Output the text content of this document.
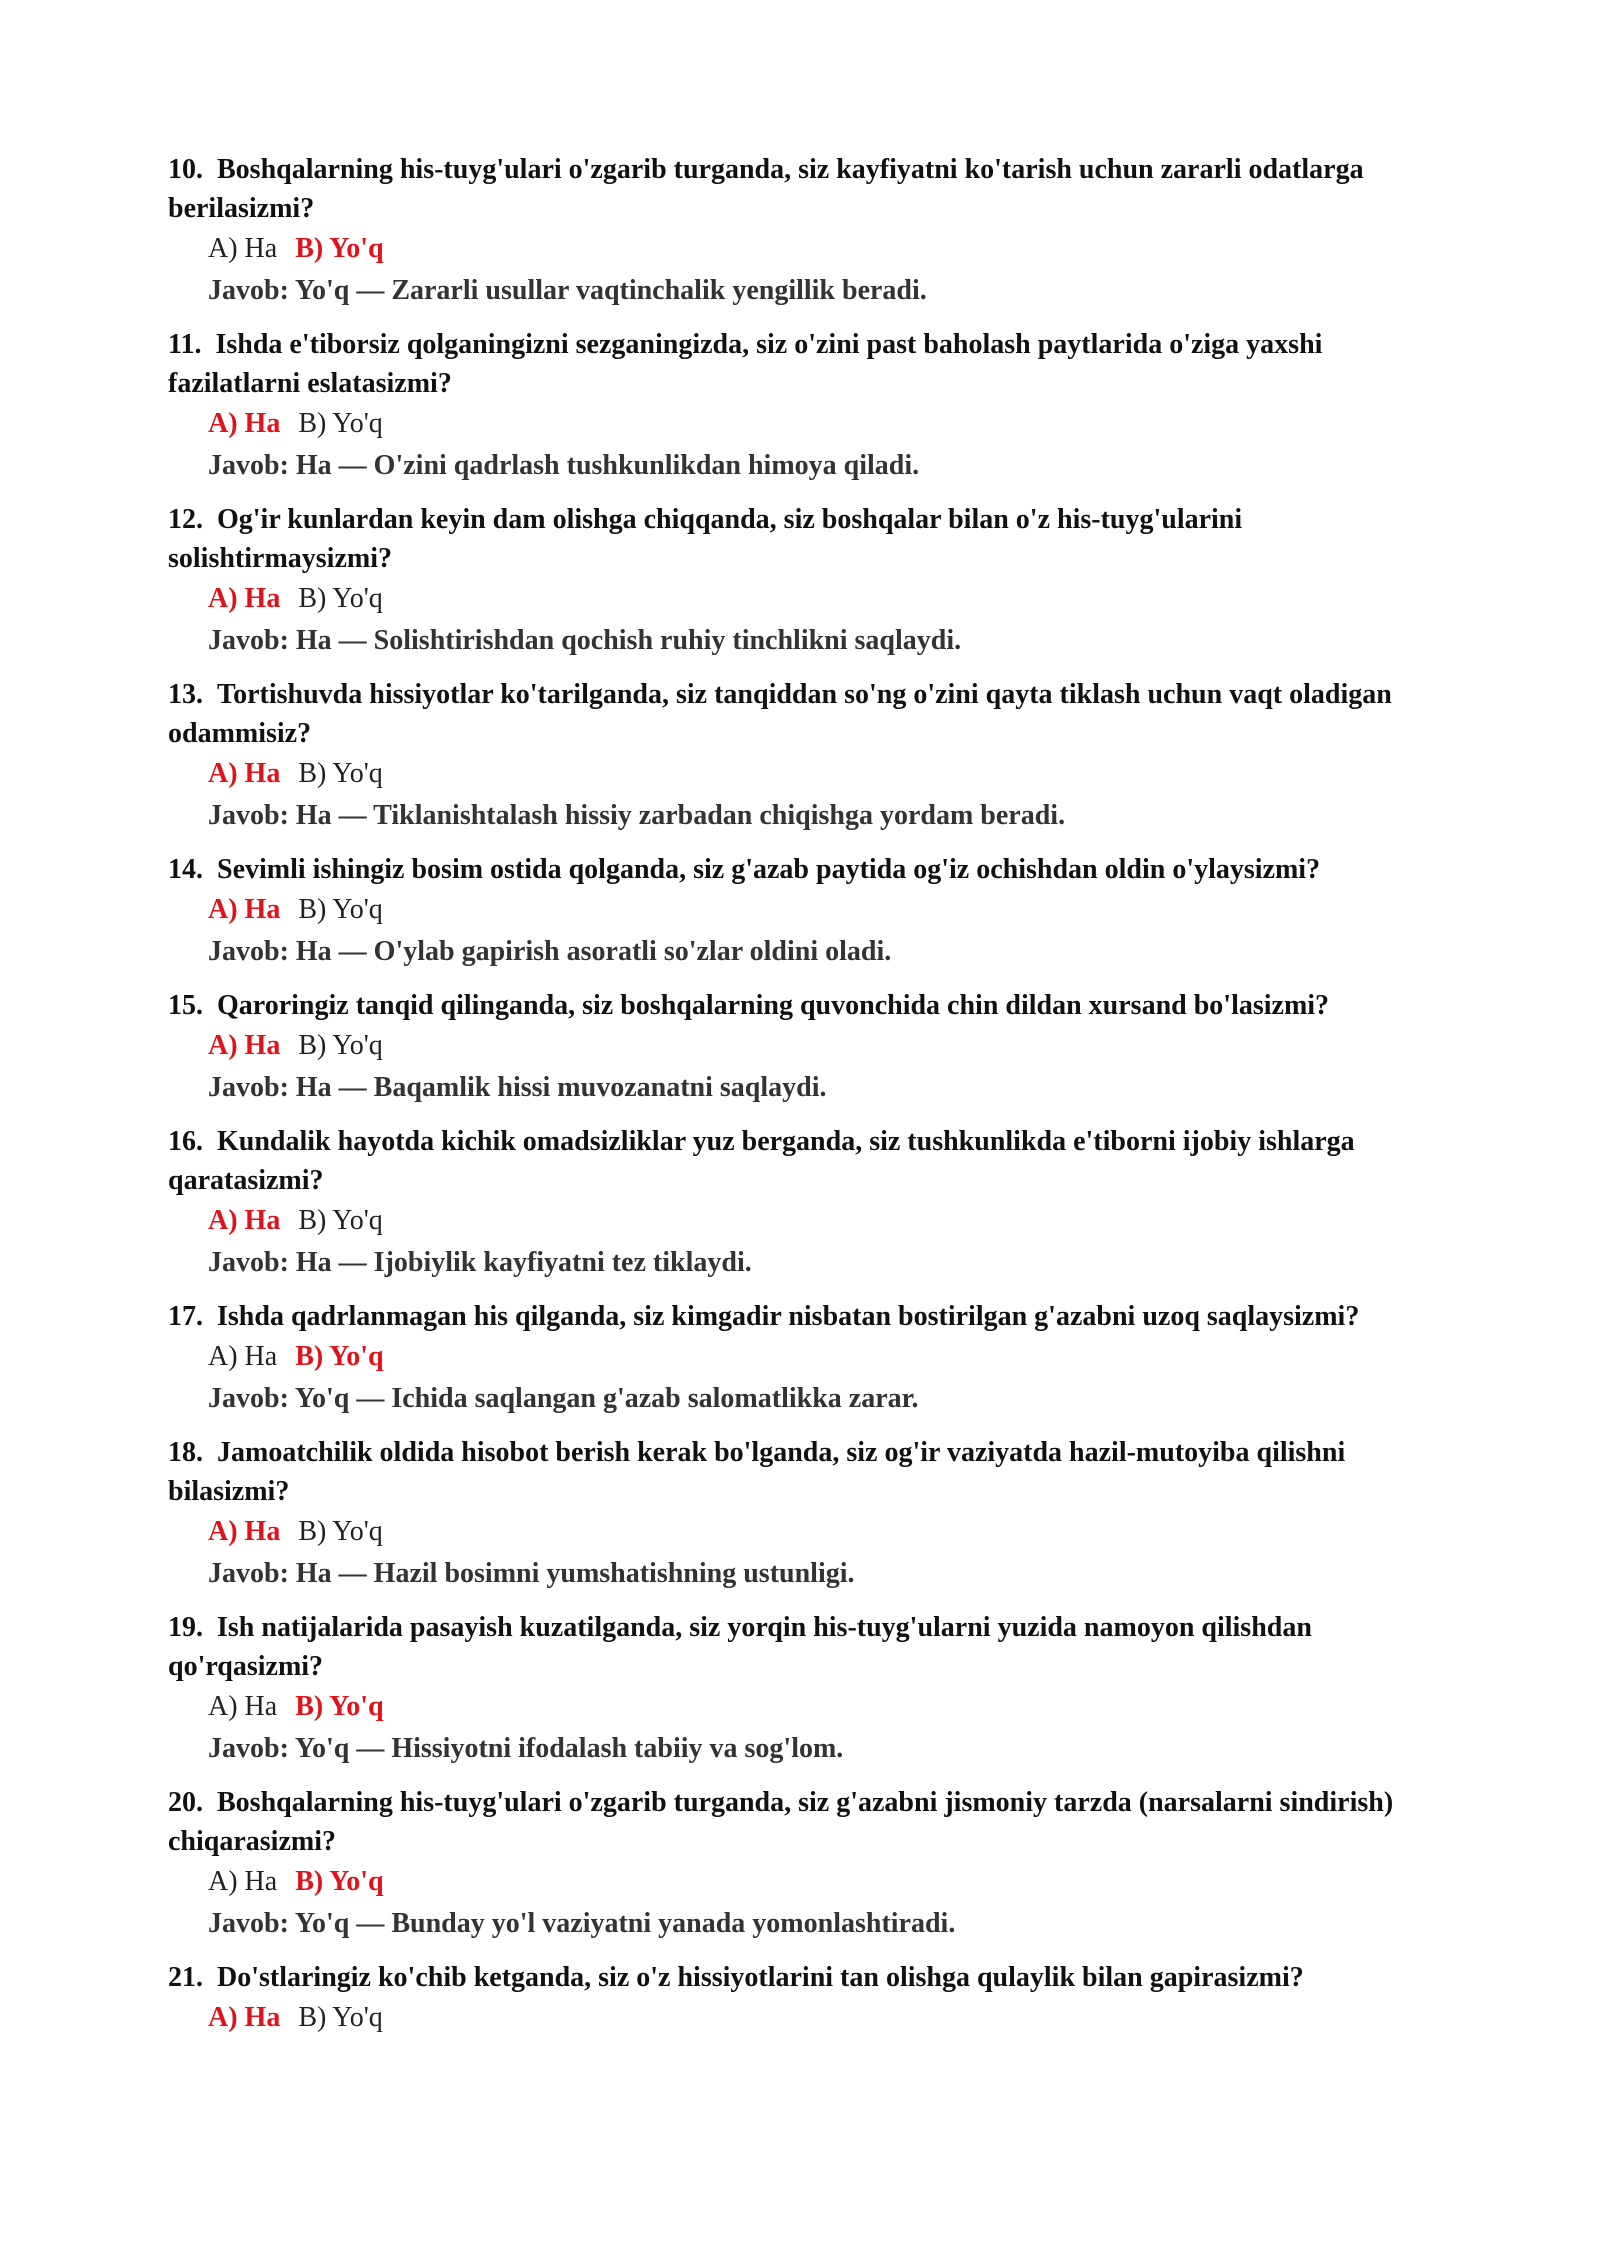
10. Boshqalarning his-tuyg'ulari o'zgarib turganda, siz kayfiyatni ko'tarish uchun zararli odatlarga berilasizmi?
A) Ha B) Yo'q
Javob: Yo'q — Zararli usullar vaqtinchalik yengillik beradi.
11. Ishda e'tiborsiz qolganingizni sezganingizda, siz o'zini past baholash paytlarida o'ziga yaxshi fazilatlarni eslatasizmi?
A) Ha B) Yo'q
Javob: Ha — O'zini qadrlash tushkunlikdan himoya qiladi.
12. Og'ir kunlardan keyin dam olishga chiqqanda, siz boshqalar bilan o'z his-tuyg'ularini solishtirmaysizmi?
A) Ha B) Yo'q
Javob: Ha — Solishtirishdan qochish ruhiy tinchlikni saqlaydi.
13. Tortishuvda hissiyotlar ko'tarilganda, siz tanqiddan so'ng o'zini qayta tiklash uchun vaqt oladigan odammisiz?
A) Ha B) Yo'q
Javob: Ha — Tiklanishtalash hissiy zarbadan chiqishga yordam beradi.
14. Sevimli ishingiz bosim ostida qolganda, siz g'azab paytida og'iz ochishdan oldin o'ylaysizmi?
A) Ha B) Yo'q
Javob: Ha — O'ylab gapirish asoratli so'zlar oldini oladi.
15. Qaroringiz tanqid qilinganda, siz boshqalarning quvonchida chin dildan xursand bo'lasizmi?
A) Ha B) Yo'q
Javob: Ha — Baqamlik hissi muvozanatni saqlaydi.
16. Kundalik hayotda kichik omadsizliklar yuz berganda, siz tushkunlikda e'tiborni ijobiy ishlarga qaratasizmi?
A) Ha B) Yo'q
Javob: Ha — Ijobiylik kayfiyatni tez tiklaydi.
17. Ishda qadrlanmagan his qilganda, siz kimgadir nisbatan bostirilgan g'azabni uzoq saqlaysizmi?
A) Ha B) Yo'q
Javob: Yo'q — Ichida saqlangan g'azab salomatlikka zarar.
18. Jamoatchilik oldida hisobot berish kerak bo'lganda, siz og'ir vaziyatda hazil-mutoyiba qilishni bilasizmi?
A) Ha B) Yo'q
Javob: Ha — Hazil bosimni yumshatishning ustunligi.
19. Ish natijalarida pasayish kuzatilganda, siz yorqin his-tuyg'ularni yuzida namoyon qilishdan qo'rqasizmi?
A) Ha B) Yo'q
Javob: Yo'q — Hissiyotni ifodalash tabiiy va sog'lom.
20. Boshqalarning his-tuyg'ulari o'zgarib turganda, siz g'azabni jismoniy tarzda (narsalarni sindirish) chiqarasizmi?
A) Ha B) Yo'q
Javob: Yo'q — Bunday yo'l vaziyatni yanada yomonlashtiradi.
21. Do'stlaringiz ko'chib ketganda, siz o'z hissiyotlarini tan olishga qulaylik bilan gapirasizmi?
A) Ha B) Yo'q
